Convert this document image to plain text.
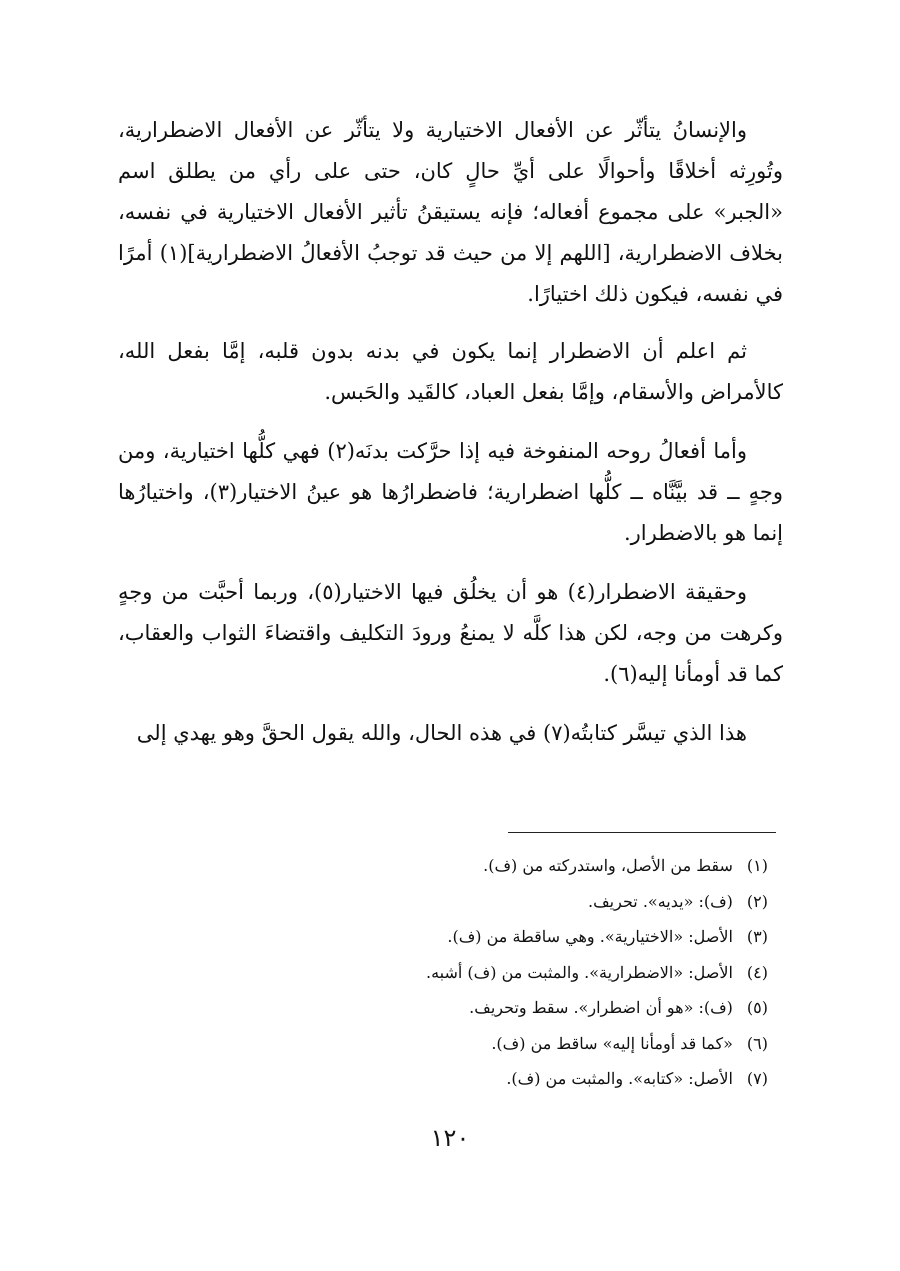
والإنسانُ يتأثّر عن الأفعال الاختيارية ولا يتأثّر عن الأفعال الاضطرارية، وتُورِثه أخلاقًا وأحوالًا على أيِّ حالٍ كان، حتى على رأي من يطلق اسم «الجبر» على مجموع أفعاله؛ فإنه يستيقنُ تأثير الأفعال الاختيارية في نفسه، بخلاف الاضطرارية، [اللهم إلا من حيث قد توجبُ الأفعالُ الاضطرارية](١) أمرًا في نفسه، فيكون ذلك اختيارًا.

ثم اعلم أن الاضطرار إنما يكون في بدنه بدون قلبه، إمَّا بفعل الله، كالأمراض والأسقام، وإمَّا بفعل العباد، كالقَيد والحَبس.

وأما أفعالُ روحه المنفوخة فيه إذا حرَّكت بدنَه(٢) فهي كلُّها اختيارية، ومن وجهٍ ــ قد بيَّنَّاه ــ كلُّها اضطرارية؛ فاضطرارُها هو عينُ الاختيار(٣)، واختيارُها إنما هو بالاضطرار.

وحقيقة الاضطرار(٤) هو أن يخلُق فيها الاختيار(٥)، وربما أحبَّت من وجهٍ وكرهت من وجه، لكن هذا كلَّه لا يمنعُ ورودَ التكليف واقتضاءَ الثواب والعقاب، كما قد أومأنا إليه(٦).

هذا الذي تيسَّر كتابتُه(٧) في هذه الحال، والله يقول الحقَّ وهو يهدي إلى

(١) سقط من الأصل، واستدركته من (ف).
(٢) (ف): «يديه». تحريف.
(٣) الأصل: «الاختيارية». وهي ساقطة من (ف).
(٤) الأصل: «الاضطرارية». والمثبت من (ف) أشبه.
(٥) (ف): «هو أن اضطرار». سقط وتحريف.
(٦) «كما قد أومأنا إليه» ساقط من (ف).
(٧) الأصل: «كتابه». والمثبت من (ف).
١٢٠
